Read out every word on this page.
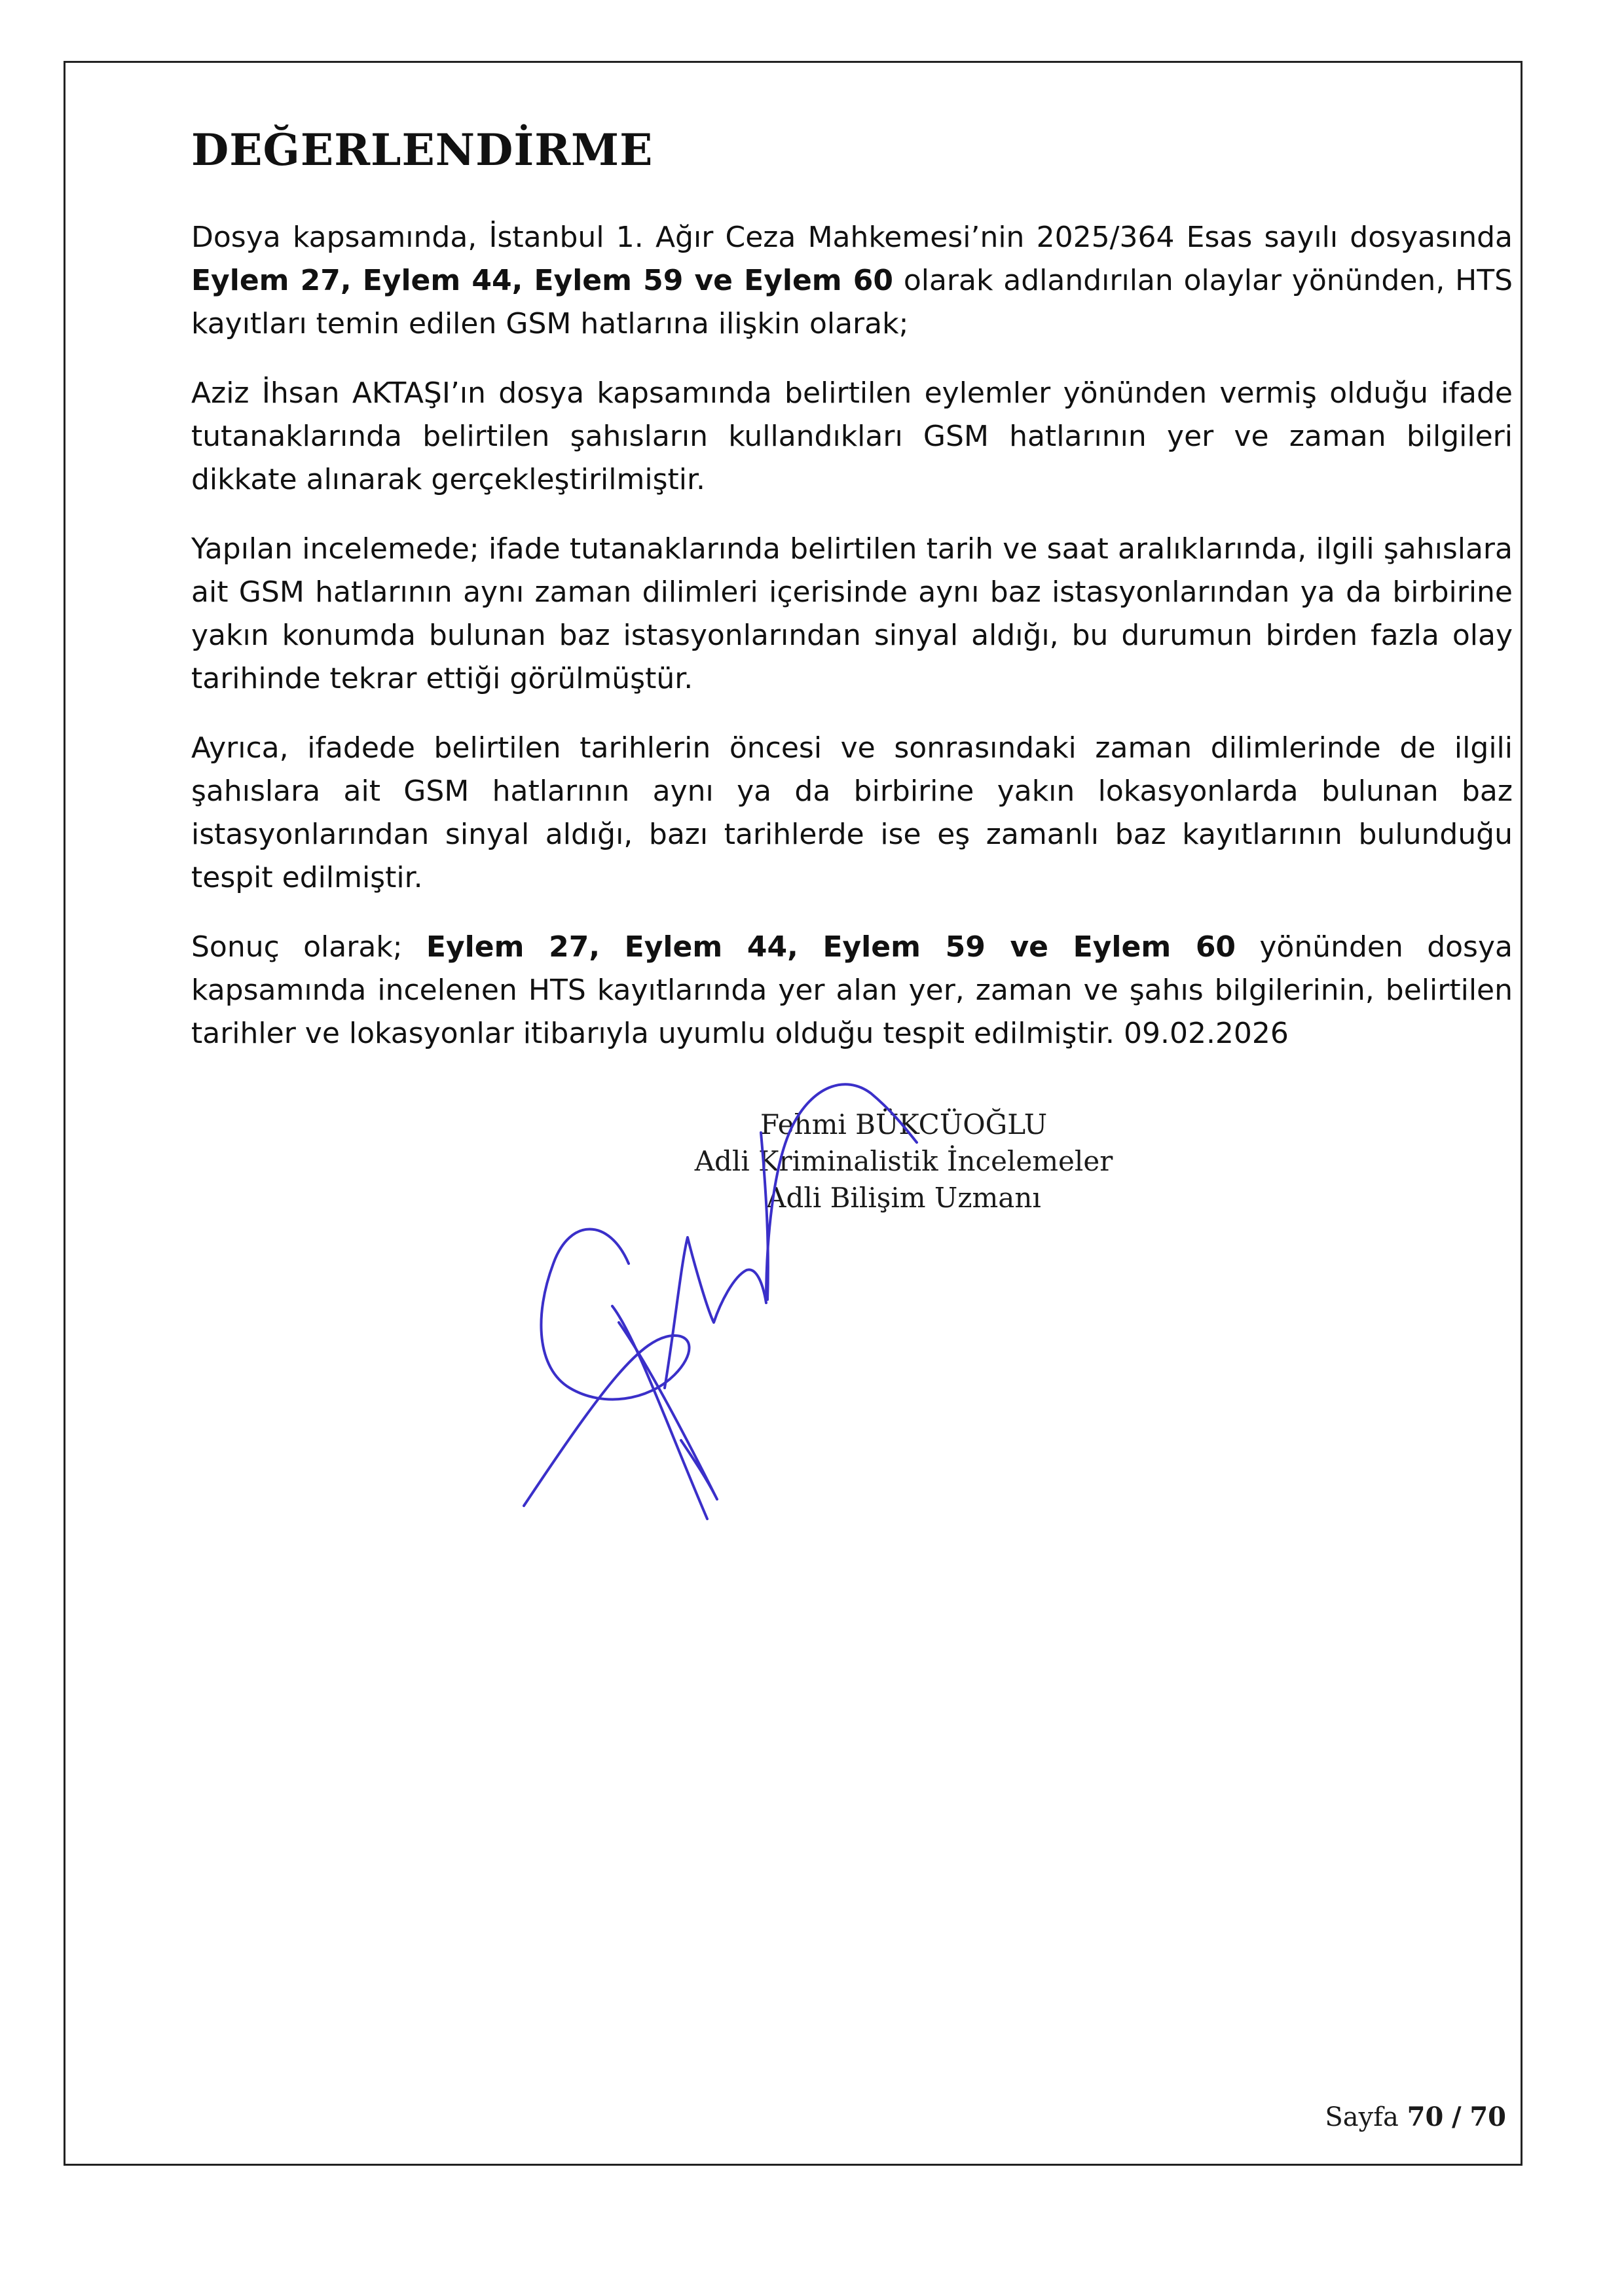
DEĞERLENDİRME

Dosya kapsamında, İstanbul 1. Ağır Ceza Mahkemesi’nin 2025/364 Esas sayılı dosyasında Eylem 27, Eylem 44, Eylem 59 ve Eylem 60 olarak adlandırılan olaylar yönünden, HTS kayıtları temin edilen GSM hatlarına ilişkin olarak;

Aziz İhsan AKTAŞI’ın dosya kapsamında belirtilen eylemler yönünden vermiş olduğu ifade tutanaklarında belirtilen şahısların kullandıkları GSM hatlarının yer ve zaman bilgileri dikkate alınarak gerçekleştirilmiştir.

Yapılan incelemede; ifade tutanaklarında belirtilen tarih ve saat aralıklarında, ilgili şahıslara ait GSM hatlarının aynı zaman dilimleri içerisinde aynı baz istasyonlarından ya da birbirine yakın konumda bulunan baz istasyonlarından sinyal aldığı, bu durumun birden fazla olay tarihinde tekrar ettiği görülmüştür.

Ayrıca, ifadede belirtilen tarihlerin öncesi ve sonrasındaki zaman dilimlerinde de ilgili şahıslara ait GSM hatlarının aynı ya da birbirine yakın lokasyonlarda bulunan baz istasyonlarından sinyal aldığı, bazı tarihlerde ise eş zamanlı baz kayıtlarının bulunduğu tespit edilmiştir.

Sonuç olarak; Eylem 27, Eylem 44, Eylem 59 ve Eylem 60 yönünden dosya kapsamında incelenen HTS kayıtlarında yer alan yer, zaman ve şahıs bilgilerinin, belirtilen tarihler ve lokasyonlar itibarıyla uyumlu olduğu tespit edilmiştir. 09.02.2026

Fehmi BÜKCÜOĞLU
Adli Kriminalistik İncelemeler
Adli Bilişim Uzmanı
Sayfa 70 / 70
